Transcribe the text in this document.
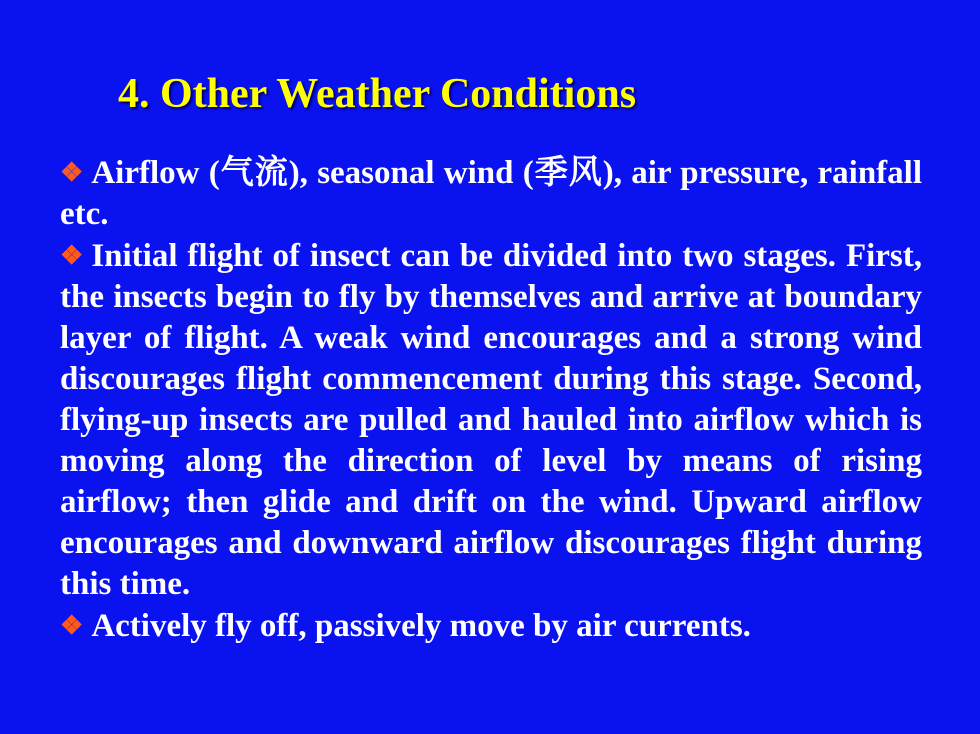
4. Other Weather Conditions

❖ Airflow (气流), seasonal wind (季风), air pressure, rainfall etc.

❖ Initial flight of insect can be divided into two stages. First, the insects begin to fly by themselves and arrive at boundary layer of flight. A weak wind encourages and a strong wind discourages flight commencement during this stage. Second, flying-up insects are pulled and hauled into airflow which is moving along the direction of level by means of rising airflow; then glide and drift on the wind. Upward airflow encourages and downward airflow discourages flight during this time.

❖ Actively fly off, passively move by air currents.
